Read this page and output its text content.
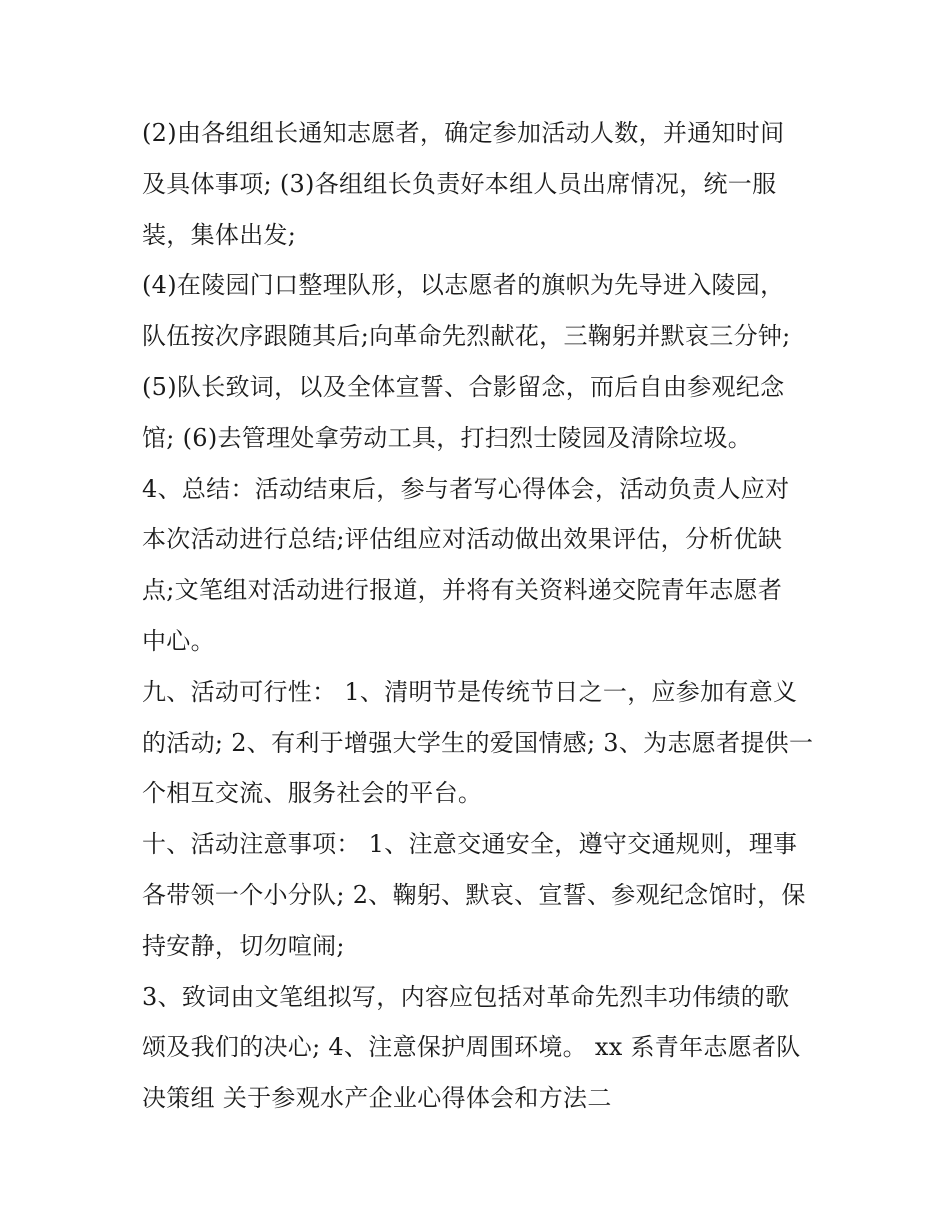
(2)由各组组长通知志愿者，确定参加活动人数，并通知时间
及具体事项; (3)各组组长负责好本组人员出席情况，统一服
装，集体出发;
(4)在陵园门口整理队形，以志愿者的旗帜为先导进入陵园，
队伍按次序跟随其后;向革命先烈献花，三鞠躬并默哀三分钟;
(5)队长致词，以及全体宣誓、合影留念，而后自由参观纪念
馆; (6)去管理处拿劳动工具，打扫烈士陵园及清除垃圾。
4、总结：活动结束后，参与者写心得体会，活动负责人应对
本次活动进行总结;评估组应对活动做出效果评估，分析优缺
点;文笔组对活动进行报道，并将有关资料递交院青年志愿者
中心。
九、活动可行性： 1、清明节是传统节日之一，应参加有意义
的活动; 2、有利于增强大学生的爱国情感; 3、为志愿者提供一
个相互交流、服务社会的平台。
十、活动注意事项： 1、注意交通安全，遵守交通规则，理事
各带领一个小分队; 2、鞠躬、默哀、宣誓、参观纪念馆时，保
持安静，切勿喧闹;
3、致词由文笔组拟写，内容应包括对革命先烈丰功伟绩的歌
颂及我们的决心; 4、注意保护周围环境。 xx 系青年志愿者队
决策组 关于参观水产企业心得体会和方法二
